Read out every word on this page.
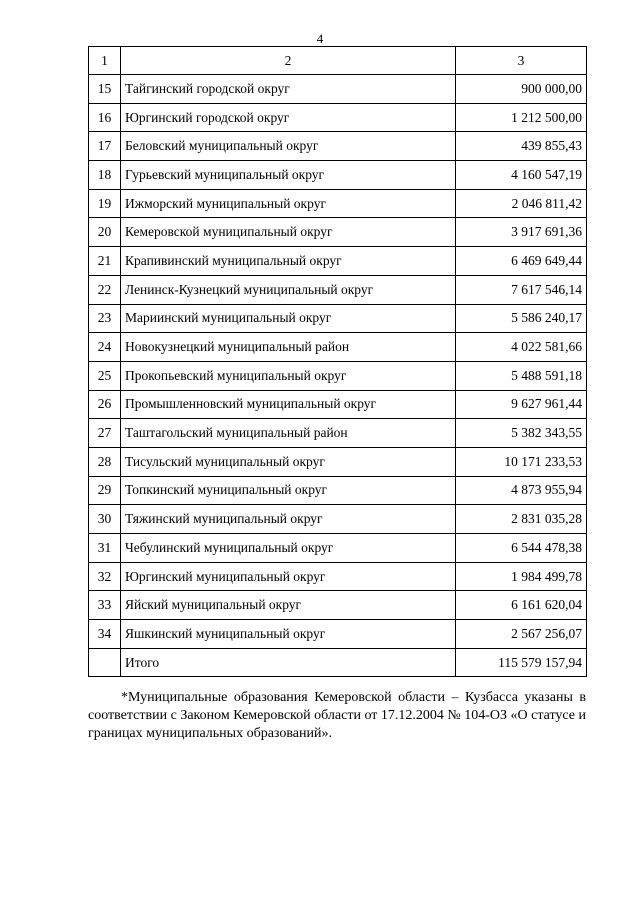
4
1	2	3
15	Тайгинский городской округ	900 000,00
16	Юргинский городской округ	1 212 500,00
17	Беловский муниципальный округ	439 855,43
18	Гурьевский муниципальный округ	4 160 547,19
19	Ижморский муниципальный округ	2 046 811,42
20	Кемеровской муниципальный округ	3 917 691,36
21	Крапивинский муниципальный округ	6 469 649,44
22	Ленинск-Кузнецкий муниципальный округ	7 617 546,14
23	Мариинский муниципальный округ	5 586 240,17
24	Новокузнецкий муниципальный район	4 022 581,66
25	Прокопьевский муниципальный округ	5 488 591,18
26	Промышленновский муниципальный округ	9 627 961,44
27	Таштагольский муниципальный район	5 382 343,55
28	Тисульский муниципальный округ	10 171 233,53
29	Топкинский муниципальный округ	4 873 955,94
30	Тяжинский муниципальный округ	2 831 035,28
31	Чебулинский муниципальный округ	6 544 478,38
32	Юргинский муниципальный округ	1 984 499,78
33	Яйский муниципальный округ	6 161 620,04
34	Яшкинский муниципальный округ	2 567 256,07
	Итого	115 579 157,94

*Муниципальные образования Кемеровской области – Кузбасса указаны в соответствии с Законом Кемеровской области от 17.12.2004 № 104-ОЗ «О статусе и границах муниципальных образований».
